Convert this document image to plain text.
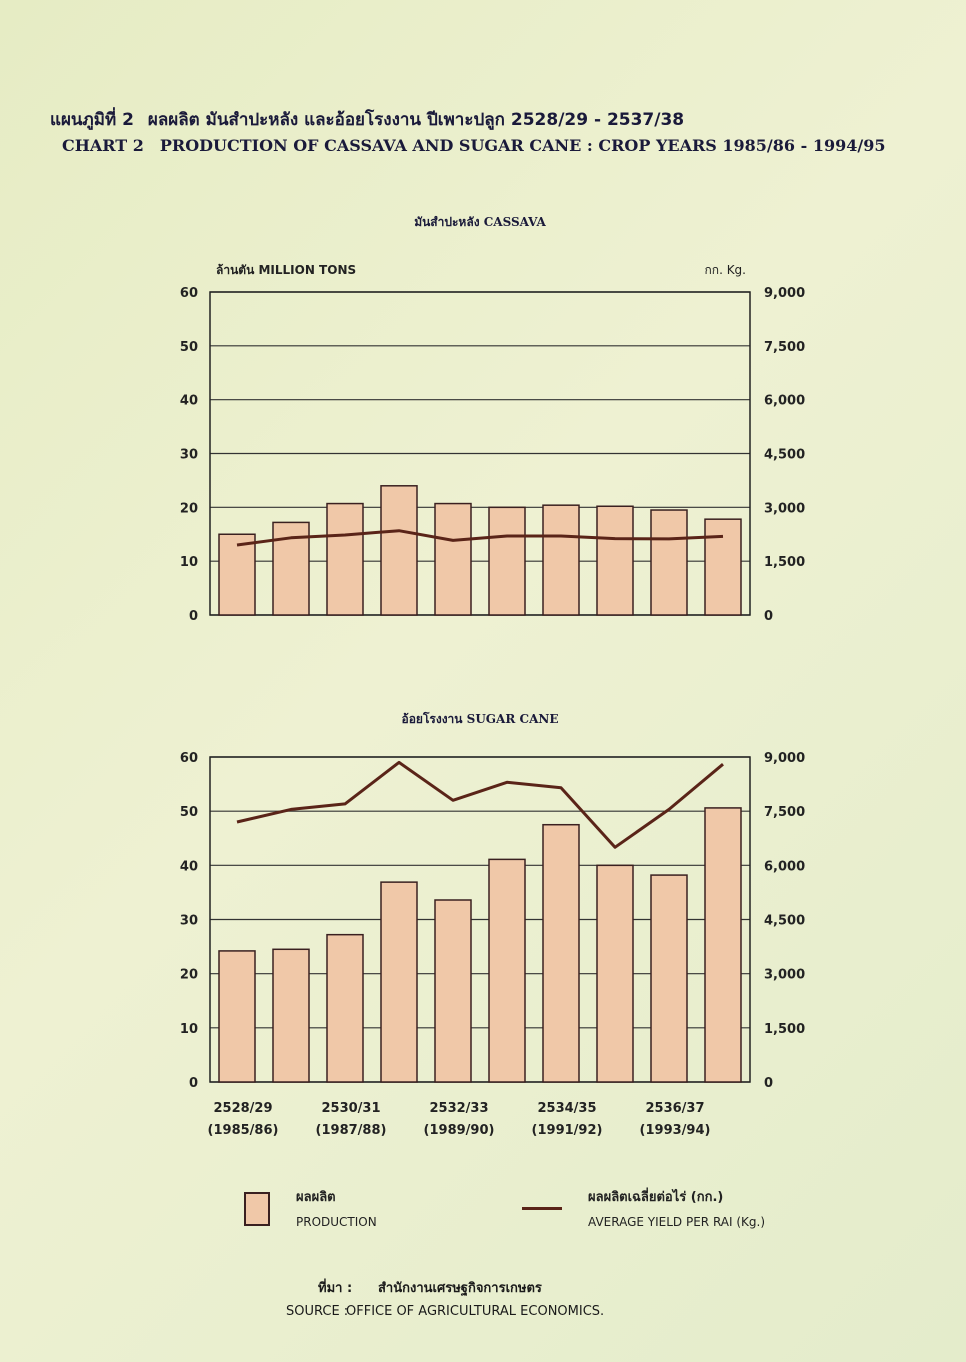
แผนภูมิที่ 2 ผลผลิต มันสำปะหลัง และอ้อยโรงงาน ปีเพาะปลูก 2528/29 - 2537/38
CHART 2 PRODUCTION OF CASSAVA AND SUGAR CANE : CROP YEARS 1985/86 - 1994/95
มันสำปะหลัง CASSAVA
ล้านตัน MILLION TONS	กก. Kg.
0	0
10	1,500
20	3,000
30	4,500
40	6,000
50	7,500
60	9,000
อ้อยโรงงาน SUGAR CANE
0	0
10	1,500
20	3,000
30	4,500
40	6,000
50	7,500
60	9,000
2528/29
(1985/86)
2530/31
(1987/88)
2532/33
(1989/90)
2534/35
(1991/92)
2536/37
(1993/94)
ผลผลิต
PRODUCTION
ผลผลิตเฉลี่ยต่อไร่ (กก.)
AVERAGE YIELD PER RAI (Kg.)
ที่มา : สำนักงานเศรษฐกิจการเกษตร
SOURCE :OFFICE OF AGRICULTURAL ECONOMICS.
